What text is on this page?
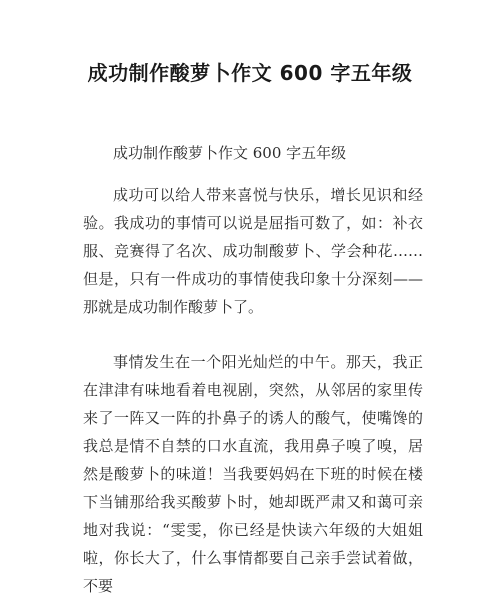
成功制作酸萝卜作文 600 字五年级
成功制作酸萝卜作文 600 字五年级

成功可以给人带来喜悦与快乐，增长见识和经验。我成功的事情可以说是屈指可数了，如：补衣服、竞赛得了名次、成功制酸萝卜、学会种花……但是，只有一件成功的事情使我印象十分深刻——那就是成功制作酸萝卜了。

事情发生在一个阳光灿烂的中午。那天，我正在津津有味地看着电视剧，突然，从邻居的家里传来了一阵又一阵的扑鼻子的诱人的酸气，使嘴馋的我总是情不自禁的口水直流，我用鼻子嗅了嗅，居然是酸萝卜的味道！当我要妈妈在下班的时候在楼下当铺那给我买酸萝卜时，她却既严肃又和蔼可亲地对我说：“雯雯，你已经是快读六年级的大姐姐啦，你长大了，什么事情都要自己亲手尝试着做，不要
